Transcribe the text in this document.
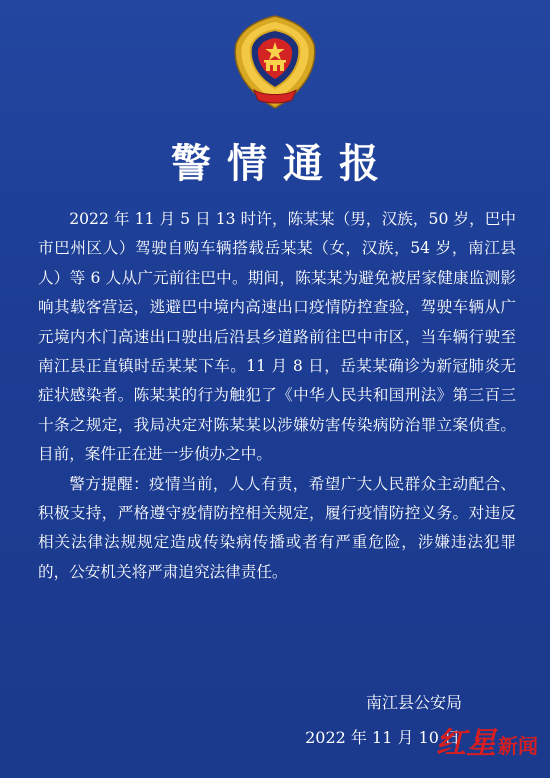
警情通报

2022 年 11 月 5 日 13 时许，陈某某（男，汉族，50 岁，巴中市巴州区人）驾驶自购车辆搭载岳某某（女，汉族，54 岁，南江县人）等 6 人从广元前往巴中。期间，陈某某为避免被居家健康监测影响其载客营运，逃避巴中境内高速出口疫情防控查验，驾驶车辆从广元境内木门高速出口驶出后沿县乡道路前往巴中市区，当车辆行驶至南江县正直镇时岳某某下车。11 月 8 日，岳某某确诊为新冠肺炎无症状感染者。陈某某的行为触犯了《中华人民共和国刑法》第三百三十条之规定，我局决定对陈某某以涉嫌妨害传染病防治罪立案侦查。目前，案件正在进一步侦办之中。

警方提醒：疫情当前，人人有责，希望广大人民群众主动配合、积极支持，严格遵守疫情防控相关规定，履行疫情防控义务。对违反相关法律法规规定造成传染病传播或者有严重危险，涉嫌违法犯罪的，公安机关将严肃追究法律责任。

南江县公安局
2022 年 11 月 10 日
红星 新闻
